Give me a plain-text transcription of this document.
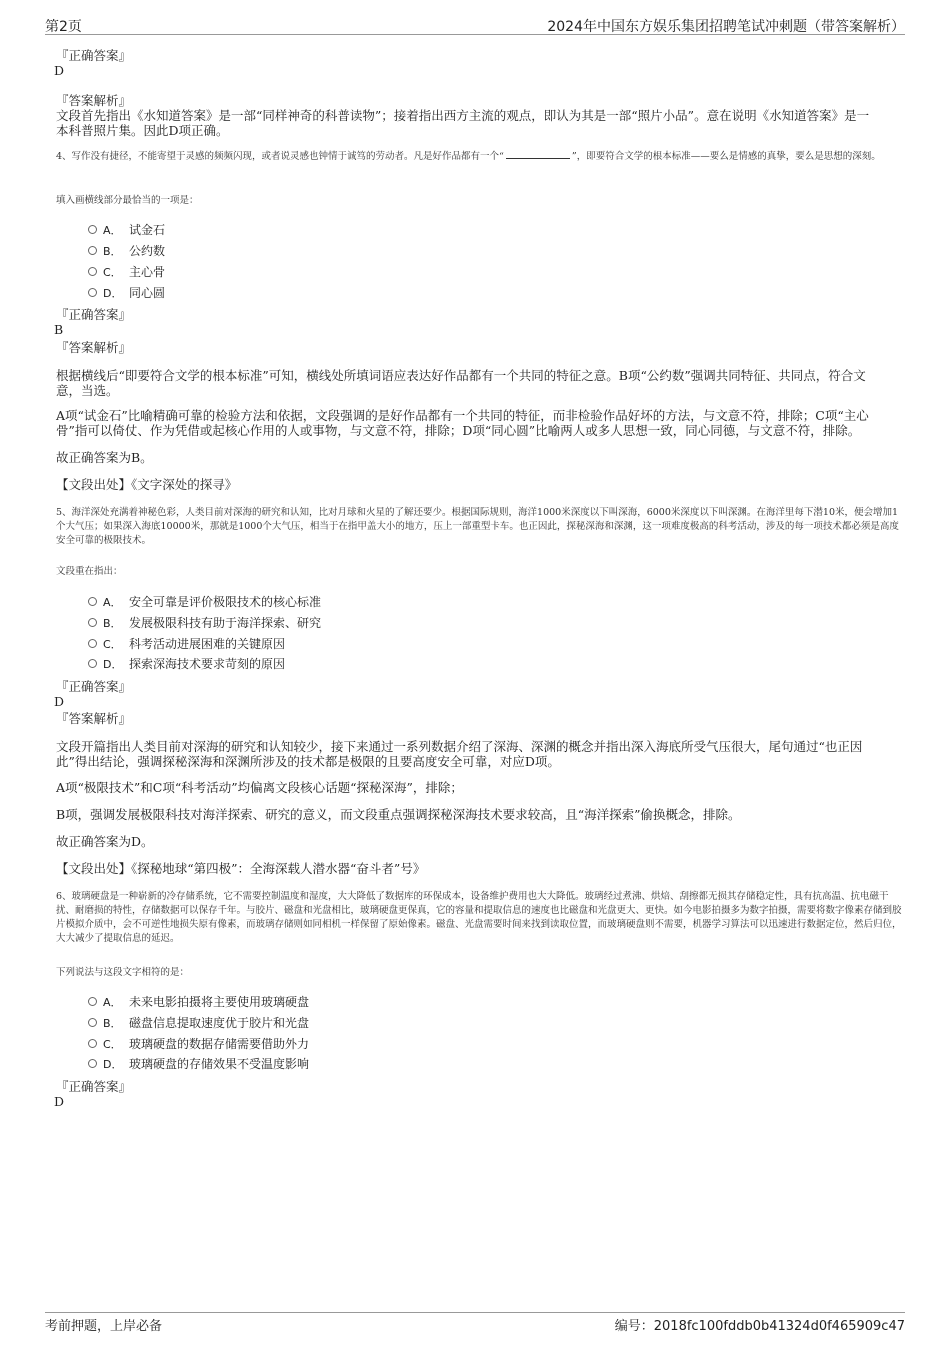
第2页	2024年中国东方娱乐集团招聘笔试冲刺题（带答案解析）
『正确答案』
D
『答案解析』
文段首先指出《水知道答案》是一部“同样神奇的科普读物”；接着指出西方主流的观点，即认为其是一部“照片小品”。意在说明《水知道答案》是一本科普照片集。因此D项正确。
4、写作没有捷径，不能寄望于灵感的频频闪现，或者说灵感也钟情于诚笃的劳动者。凡是好作品都有一个“	”，即要符合文学的根本标准——要么是情感的真挚，要么是思想的深刻。
填入画横线部分最恰当的一项是：
A． 试金石
B． 公约数
C． 主心骨
D． 同心圆
『正确答案』
B
『答案解析』
根据横线后“即要符合文学的根本标准”可知，横线处所填词语应表达好作品都有一个共同的特征之意。B项“公约数”强调共同特征、共同点，符合文意，当选。
A项“试金石”比喻精确可靠的检验方法和依据，文段强调的是好作品都有一个共同的特征，而非检验作品好坏的方法，与文意不符，排除；C项“主心骨”指可以倚仗、作为凭借或起核心作用的人或事物，与文意不符，排除；D项“同心圆”比喻两人或多人思想一致，同心同德，与文意不符，排除。
故正确答案为B。
【文段出处】《文字深处的探寻》
5、海洋深处充满着神秘色彩，人类目前对深海的研究和认知，比对月球和火星的了解还要少。根据国际规则，海洋1000米深度以下叫深海，6000米深度以下叫深渊。在海洋里每下潜10米，便会增加1个大气压；如果深入海底10000米，那就是1000个大气压，相当于在指甲盖大小的地方，压上一部重型卡车。也正因此，探秘深海和深渊，这一项难度极高的科考活动，涉及的每一项技术都必须是高度安全可靠的极限技术。
文段重在指出：
A． 安全可靠是评价极限技术的核心标准
B． 发展极限科技有助于海洋探索、研究
C． 科考活动进展困难的关键原因
D． 探索深海技术要求苛刻的原因
『正确答案』
D
『答案解析』
文段开篇指出人类目前对深海的研究和认知较少，接下来通过一系列数据介绍了深海、深渊的概念并指出深入海底所受气压很大，尾句通过“也正因此”得出结论，强调探秘深海和深渊所涉及的技术都是极限的且要高度安全可靠，对应D项。
A项“极限技术”和C项“科考活动”均偏离文段核心话题“探秘深海”，排除；
B项，强调发展极限科技对海洋探索、研究的意义，而文段重点强调探秘深海技术要求较高，且“海洋探索”偷换概念，排除。
故正确答案为D。
【文段出处】《探秘地球“第四极”：全海深载人潜水器“奋斗者”号》
6、玻璃硬盘是一种崭新的冷存储系统，它不需要控制温度和湿度，大大降低了数据库的环保成本，设备维护费用也大大降低。玻璃经过煮沸、烘焙、刮擦都无损其存储稳定性，具有抗高温、抗电磁干扰、耐磨损的特性，存储数据可以保存千年。与胶片、磁盘和光盘相比，玻璃硬盘更保真，它的容量和提取信息的速度也比磁盘和光盘更大、更快。如今电影拍摄多为数字拍摄，需要将数字像素存储到胶片模拟介质中，会不可逆性地损失原有像素，而玻璃存储则如同相机一样保留了原始像素。磁盘、光盘需要时间来找到读取位置，而玻璃硬盘则不需要，机器学习算法可以迅速进行数据定位，然后归位，大大减少了提取信息的延迟。
下列说法与这段文字相符的是：
A． 未来电影拍摄将主要使用玻璃硬盘
B． 磁盘信息提取速度优于胶片和光盘
C． 玻璃硬盘的数据存储需要借助外力
D． 玻璃硬盘的存储效果不受温度影响
『正确答案』
D
考前押题，上岸必备	编号：2018fc100fddb0b41324d0f465909c47
